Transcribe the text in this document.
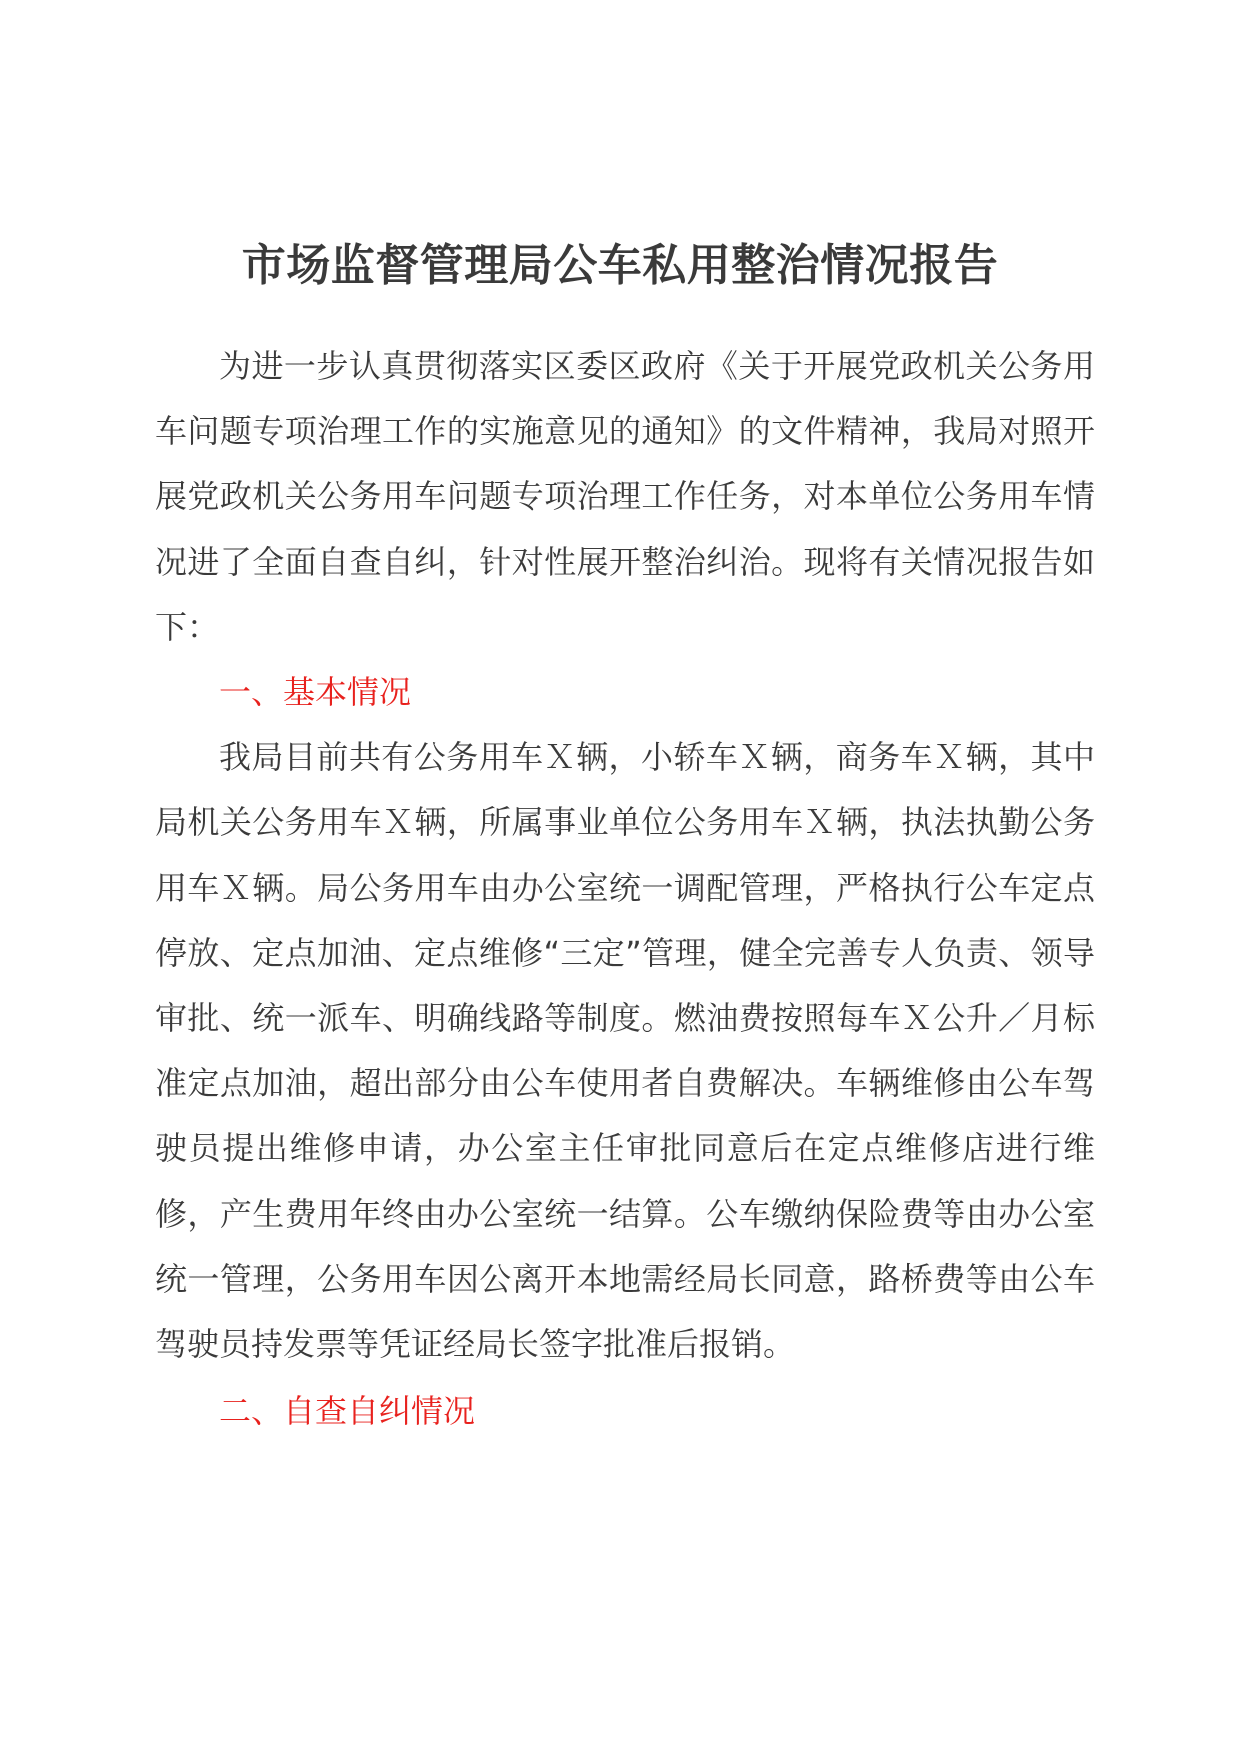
市场监督管理局公车私用整治情况报告

为进一步认真贯彻落实区委区政府《关于开展党政机关公务用车问题专项治理工作的实施意见的通知》的文件精神，我局对照开展党政机关公务用车问题专项治理工作任务，对本单位公务用车情况进了全面自查自纠，针对性展开整治纠治。现将有关情况报告如下：

一、基本情况

我局目前共有公务用车Ｘ辆，小轿车Ｘ辆，商务车Ｘ辆，其中局机关公务用车Ｘ辆，所属事业单位公务用车Ｘ辆，执法执勤公务用车Ｘ辆。局公务用车由办公室统一调配管理，严格执行公车定点停放、定点加油、定点维修“三定”管理，健全完善专人负责、领导审批、统一派车、明确线路等制度。燃油费按照每车Ｘ公升／月标准定点加油，超出部分由公车使用者自费解决。车辆维修由公车驾驶员提出维修申请，办公室主任审批同意后在定点维修店进行维修，产生费用年终由办公室统一结算。公车缴纳保险费等由办公室统一管理，公务用车因公离开本地需经局长同意，路桥费等由公车驾驶员持发票等凭证经局长签字批准后报销。

二、自查自纠情况
